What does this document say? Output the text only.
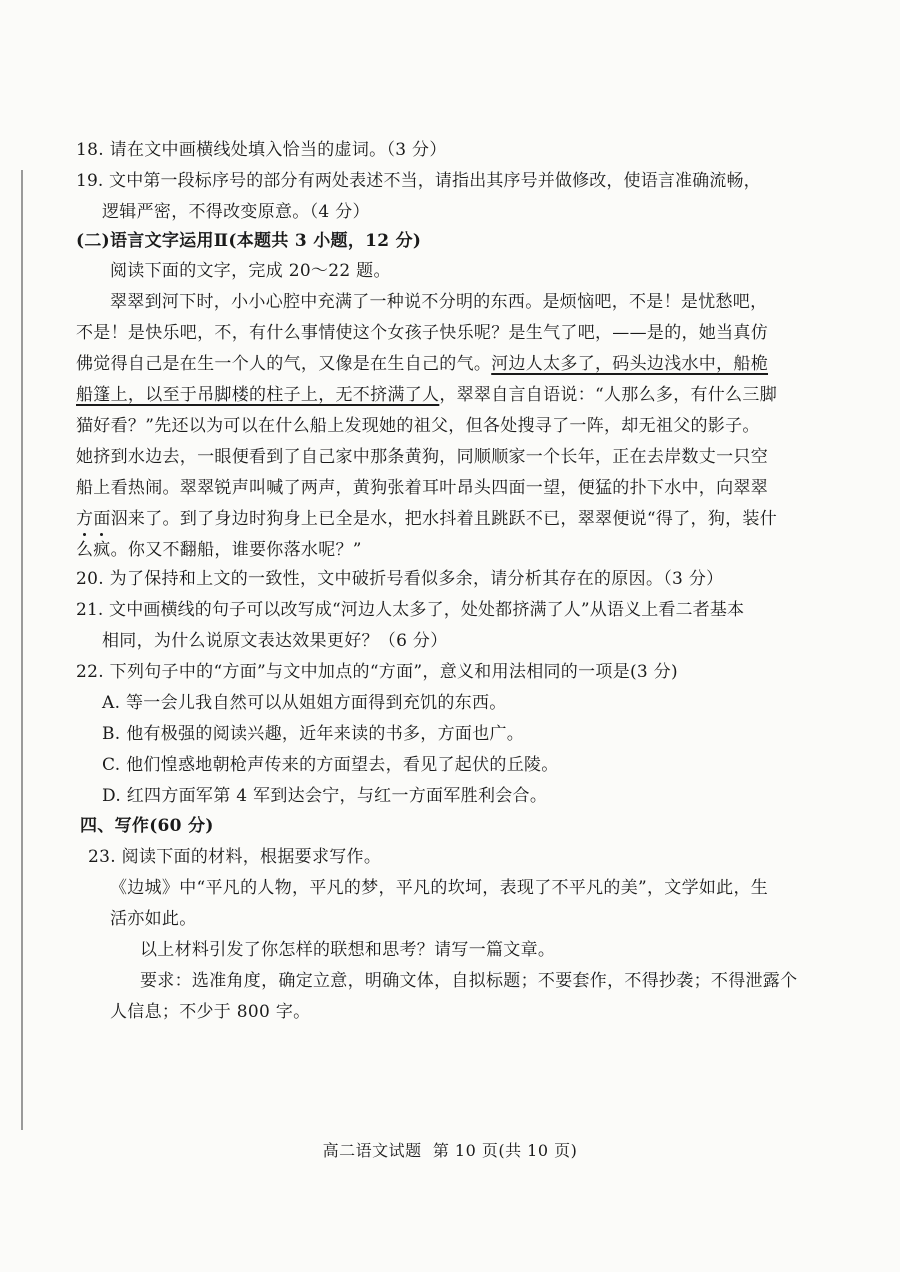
18. 请在文中画横线处填入恰当的虚词。（3 分）
19. 文中第一段标序号的部分有两处表述不当，请指出其序号并做修改，使语言准确流畅，
逻辑严密，不得改变原意。（4 分）
(二)语言文字运用Ⅱ(本题共 3 小题，12 分)
阅读下面的文字，完成 20～22 题。
翠翠到河下时，小小心腔中充满了一种说不分明的东西。是烦恼吧，不是！是忧愁吧，
不是！是快乐吧，不，有什么事情使这个女孩子快乐呢？是生气了吧，——是的，她当真仿
佛觉得自己是在生一个人的气，又像是在生自己的气。河边人太多了，码头边浅水中，船桅
船篷上，以至于吊脚楼的柱子上，无不挤满了人，翠翠自言自语说：“人那么多，有什么三脚
猫好看？”先还以为可以在什么船上发现她的祖父，但各处搜寻了一阵，却无祖父的影子。
她挤到水边去，一眼便看到了自己家中那条黄狗，同顺顺家一个长年，正在去岸数丈一只空
船上看热闹。翠翠锐声叫喊了两声，黄狗张着耳叶昂头四面一望，便猛的扑下水中，向翠翠
方面泅来了。到了身边时狗身上已全是水，把水抖着且跳跃不已，翠翠便说“得了，狗，装什
么疯。你又不翻船，谁要你落水呢？”
20. 为了保持和上文的一致性，文中破折号看似多余，请分析其存在的原因。（3 分）
21. 文中画横线的句子可以改写成“河边人太多了，处处都挤满了人”从语义上看二者基本
相同，为什么说原文表达效果更好？（6 分）
22. 下列句子中的“方面”与文中加点的“方面”，意义和用法相同的一项是(3 分)
A. 等一会儿我自然可以从姐姐方面得到充饥的东西。
B. 他有极强的阅读兴趣，近年来读的书多，方面也广。
C. 他们惶惑地朝枪声传来的方面望去，看见了起伏的丘陵。
D. 红四方面军第 4 军到达会宁，与红一方面军胜利会合。
四、写作(60 分)
23. 阅读下面的材料，根据要求写作。
《边城》中“平凡的人物，平凡的梦，平凡的坎坷，表现了不平凡的美”，文学如此，生
活亦如此。
以上材料引发了你怎样的联想和思考？请写一篇文章。
要求：选准角度，确定立意，明确文体，自拟标题；不要套作，不得抄袭；不得泄露个
人信息；不少于 800 字。
高二语文试题 第 10 页(共 10 页)
